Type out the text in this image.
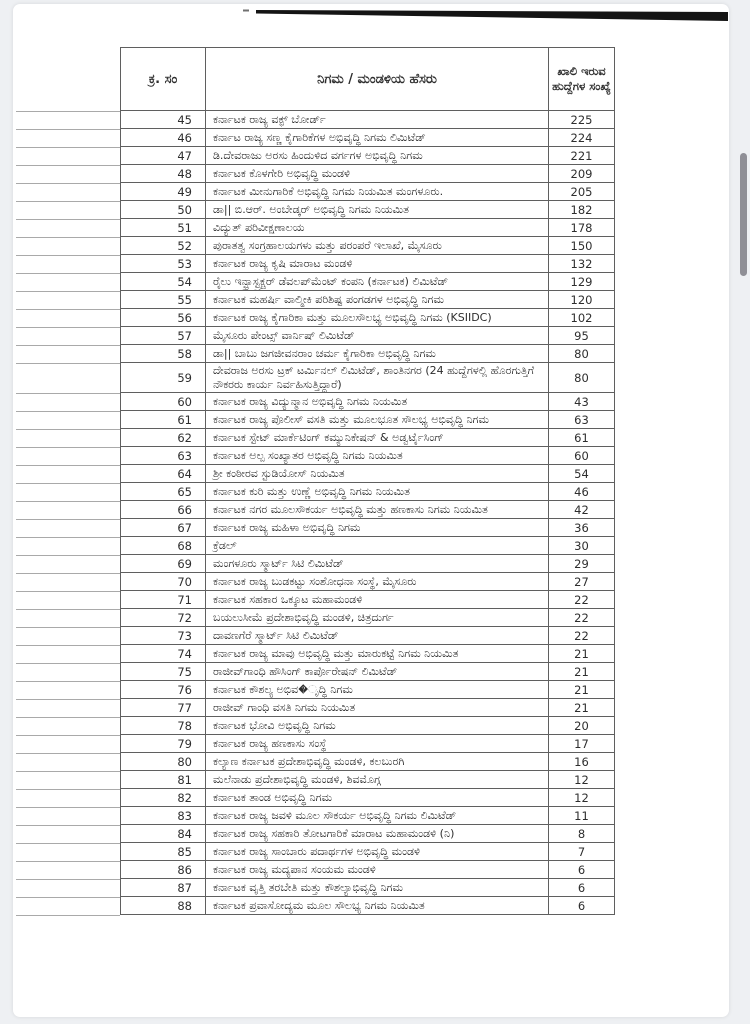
ಕ್ರ. ಸಂ	ನಿಗಮ / ಮಂಡಳಿಯ ಹೆಸರು	ಖಾಲಿ ಇರುವ ಹುದ್ದೆಗಳ ಸಂಖ್ಯೆ
45	ಕರ್ನಾಟಕ ರಾಜ್ಯ ವಕ್ಫ್ ಬೋರ್ಡ್	225
46	ಕರ್ನಾಟ ರಾಜ್ಯ ಸಣ್ಣ ಕೈಗಾರಿಕೆಗಳ ಅಭಿವೃದ್ಧಿ ನಿಗಮ ಲಿಮಿಟೆಡ್	224
47	ಡಿ.ದೇವರಾಜು ಅರಸು ಹಿಂದುಳಿದ ವರ್ಗಗಳ ಅಭಿವೃದ್ಧಿ ನಿಗಮ	221
48	ಕರ್ನಾಟಕ ಕೊಳಗೇರಿ ಅಭಿವೃದ್ಧಿ ಮಂಡಳಿ	209
49	ಕರ್ನಾಟಕ ಮೀನುಗಾರಿಕೆ ಅಭಿವೃದ್ಧಿ ನಿಗಮ ನಿಯಮಿತ ಮಂಗಳೂರು.	205
50	ಡಾ|| ಬಿ.ಆರ್. ಅಂಬೇಡ್ಕರ್ ಅಭಿವೃದ್ಧಿ ನಿಗಮ ನಿಯಮಿತ	182
51	ವಿದ್ಯುತ್ ಪರಿವೀಕ್ಷಣಾಲಯ	178
52	ಪುರಾತತ್ವ ಸಂಗ್ರಹಾಲಯಗಳು ಮತ್ತು ಪರಂಪರೆ ಇಲಾಖೆ, ಮೈಸೂರು	150
53	ಕರ್ನಾಟಕ ರಾಜ್ಯ ಕೃಷಿ ಮಾರಾಟ ಮಂಡಳಿ	132
54	ರೈಲು ಇನ್ಫ್ರಾಸ್ಟ್ರಕ್ಚರ್ ಡೆವಲಪ್‌ಮೆಂಟ್ ಕಂಪನಿ (ಕರ್ನಾಟಕ) ಲಿಮಿಟೆಡ್	129
55	ಕರ್ನಾಟಕ ಮಹರ್ಷಿ ವಾಲ್ಮೀಕಿ ಪರಿಶಿಷ್ಟ ಪಂಗಡಗಳ ಅಭಿವೃದ್ಧಿ ನಿಗಮ	120
56	ಕರ್ನಾಟಕ ರಾಜ್ಯ ಕೈಗಾರಿಕಾ ಮತ್ತು ಮೂಲಸೌಲಭ್ಯ ಅಭಿವೃದ್ಧಿ ನಿಗಮ (KSIIDC)	102
57	ಮೈಸೂರು ಪೇಂಟ್ಸ್ ವಾರ್ನಿಷ್ ಲಿಮಿಟೆಡ್	95
58	ಡಾ|| ಬಾಬು ಜಗಜೀವನರಾಂ ಚರ್ಮ ಕೈಗಾರಿಕಾ ಅಭಿವೃದ್ಧಿ ನಿಗಮ	80
59	ದೇವರಾಜ ಅರಸು ಟ್ರಕ್ ಟರ್ಮಿನಲ್ ಲಿಮಿಟೆಡ್, ಶಾಂತಿನಗರ (24 ಹುದ್ದೆಗಳಲ್ಲಿ ಹೊರಗುತ್ತಿಗೆ ನೌಕರರು ಕಾರ್ಯ ನಿರ್ವಹಿಸುತ್ತಿದ್ದಾರೆ)	80
60	ಕರ್ನಾಟಕ ರಾಜ್ಯ ವಿದ್ಯುನ್ಮಾನ ಅಭಿವೃದ್ಧಿ ನಿಗಮ ನಿಯಮಿತ	43
61	ಕರ್ನಾಟಕ ರಾಜ್ಯ ಪೊಲೀಸ್ ವಸತಿ ಮತ್ತು ಮೂಲಭೂತ ಸೌಲಭ್ಯ ಅಭಿವೃದ್ಧಿ ನಿಗಮ	63
62	ಕರ್ನಾಟಕ ಸ್ಟೇಟ್ ಮಾರ್ಕೆಟಿಂಗ್ ಕಮ್ಯುನಿಕೇಷನ್ & ಅಡ್ವರ್ಟೈಸಿಂಗ್	61
63	ಕರ್ನಾಟಕ ಅಲ್ಪ ಸಂಖ್ಯಾತರ ಅಭಿವೃದ್ಧಿ ನಿಗಮ ನಿಯಮಿತ	60
64	ಶ್ರೀ ಕಂಠೀರವ ಸ್ಟುಡಿಯೋಸ್ ನಿಯಮಿತ	54
65	ಕರ್ನಾಟಕ ಕುರಿ ಮತ್ತು ಉಣ್ಣೆ ಅಭಿವೃದ್ಧಿ ನಿಗಮ ನಿಯಮಿತ	46
66	ಕರ್ನಾಟಕ ನಗರ ಮೂಲಸೌಕರ್ಯ ಅಭಿವೃದ್ಧಿ ಮತ್ತು ಹಣಕಾಸು ನಿಗಮ ನಿಯಮಿತ	42
67	ಕರ್ನಾಟಕ ರಾಜ್ಯ ಮಹಿಳಾ ಅಭಿವೃದ್ಧಿ ನಿಗಮ	36
68	ಕ್ರೆಡಲ್	30
69	ಮಂಗಳೂರು ಸ್ಮಾರ್ಟ್ ಸಿಟಿ ಲಿಮಿಟೆಡ್	29
70	ಕರ್ನಾಟಕ ರಾಜ್ಯ ಬುಡಕಟ್ಟು ಸಂಶೋಧನಾ ಸಂಸ್ಥೆ, ಮೈಸೂರು	27
71	ಕರ್ನಾಟಕ ಸಹಕಾರ ಒಕ್ಕೂಟ ಮಹಾಮಂಡಳಿ	22
72	ಬಯಲುಸೀಮೆ ಪ್ರದೇಶಾಭಿವೃದ್ಧಿ ಮಂಡಳಿ, ಚಿತ್ರದುರ್ಗ	22
73	ದಾವಣಗೆರೆ ಸ್ಮಾರ್ಟ್ ಸಿಟಿ ಲಿಮಿಟೆಡ್	22
74	ಕರ್ನಾಟಕ ರಾಜ್ಯ ಮಾವು ಅಭಿವೃದ್ಧಿ ಮತ್ತು ಮಾರುಕಟ್ಟೆ ನಿಗಮ ನಿಯಮಿತ	21
75	ರಾಜೀವ್‌ಗಾಂಧಿ ಹೌಸಿಂಗ್ ಕಾರ್ಪೊರೇಷನ್ ಲಿಮಿಟೆಡ್	21
76	ಕರ್ನಾಟಕ ಕೌಶಲ್ಯ ಅಭಿವ�ೃದ್ಧಿ ನಿಗಮ	21
77	ರಾಜೀವ್ ಗಾಂಧಿ ವಸತಿ ನಿಗಮ ನಿಯಮಿತ	21
78	ಕರ್ನಾಟಕ ಭೋವಿ ಅಭಿವೃದ್ಧಿ ನಿಗಮ	20
79	ಕರ್ನಾಟಕ ರಾಜ್ಯ ಹಣಕಾಸು ಸಂಸ್ಥೆ	17
80	ಕಲ್ಯಾಣ ಕರ್ನಾಟಕ ಪ್ರದೇಶಾಭಿವೃದ್ಧಿ ಮಂಡಳಿ, ಕಲಬುರಗಿ	16
81	ಮಲೆನಾಡು ಪ್ರದೇಶಾಭಿವೃದ್ಧಿ ಮಂಡಳಿ, ಶಿವಮೊಗ್ಗ	12
82	ಕರ್ನಾಟಕ ತಾಂಡ ಅಭಿವೃದ್ಧಿ ನಿಗಮ	12
83	ಕರ್ನಾಟಕ ರಾಜ್ಯ ಜವಳಿ ಮೂಲ ಸೌಕರ್ಯ ಅಭಿವೃದ್ಧಿ ನಿಗಮ ಲಿಮಿಟೆಡ್	11
84	ಕರ್ನಾಟಕ ರಾಜ್ಯ ಸಹಕಾರಿ ತೋಟಗಾರಿಕೆ ಮಾರಾಟ ಮಹಾಮಂಡಳಿ (ನಿ)	8
85	ಕರ್ನಾಟಕ ರಾಜ್ಯ ಸಾಂಬಾರು ಪದಾರ್ಥಗಳ ಅಭಿವೃದ್ಧಿ ಮಂಡಳಿ	7
86	ಕರ್ನಾಟಕ ರಾಜ್ಯ ಮದ್ಯಪಾನ ಸಂಯಮ ಮಂಡಳಿ	6
87	ಕರ್ನಾಟಕ ವೃತ್ತಿ ತರಬೇತಿ ಮತ್ತು ಕೌಶಲ್ಯಾಭಿವೃದ್ಧಿ ನಿಗಮ	6
88	ಕರ್ನಾಟಕ ಪ್ರವಾಸೋದ್ಯಮ ಮೂಲ ಸೌಲಭ್ಯ ನಿಗಮ ನಿಯಮಿತ	6
